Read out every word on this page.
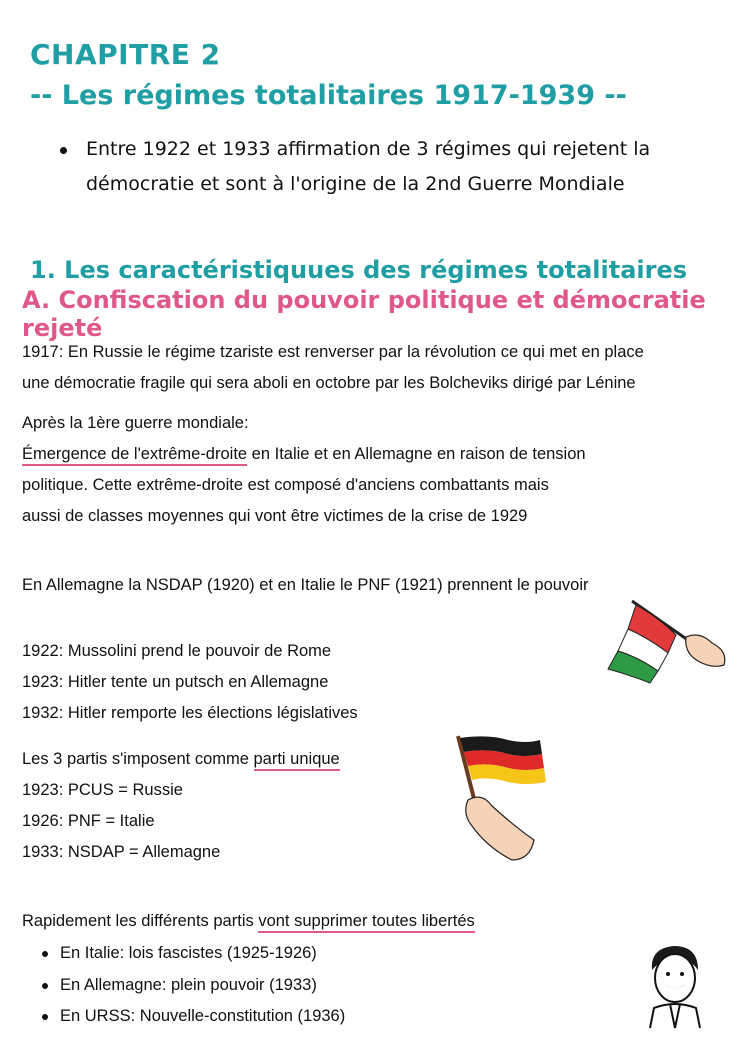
CHAPITRE 2
-- Les régimes totalitaires 1917-1939 --
Entre 1922 et 1933 affirmation de 3 régimes qui rejetent la
démocratie et sont à l'origine de la 2nd Guerre Mondiale
1. Les caractéristiquues des régimes totalitaires
A. Confiscation du pouvoir politique et démocratie rejeté
1917: En Russie le régime tzariste est renverser par la révolution ce qui met en place
une démocratie fragile qui sera aboli en octobre par les Bolcheviks dirigé par Lénine
Après la 1ère guerre mondiale:
Émergence de l'extrême-droite en Italie et en Allemagne en raison de tension
politique. Cette extrême-droite est composé d'anciens combattants mais
aussi de classes moyennes qui vont être victimes de la crise de 1929
En Allemagne la NSDAP (1920) et en Italie le PNF (1921) prennent le pouvoir
1922: Mussolini prend le pouvoir de Rome
1923: Hitler tente un putsch en Allemagne
1932: Hitler remporte les élections législatives
Les 3 partis s'imposent comme parti unique
1923: PCUS = Russie
1926: PNF = Italie
1933: NSDAP = Allemagne
Rapidement les différents partis vont supprimer toutes libertés
En Italie: lois fascistes (1925-1926)
En Allemagne: plein pouvoir (1933)
En URSS: Nouvelle-constitution (1936)
